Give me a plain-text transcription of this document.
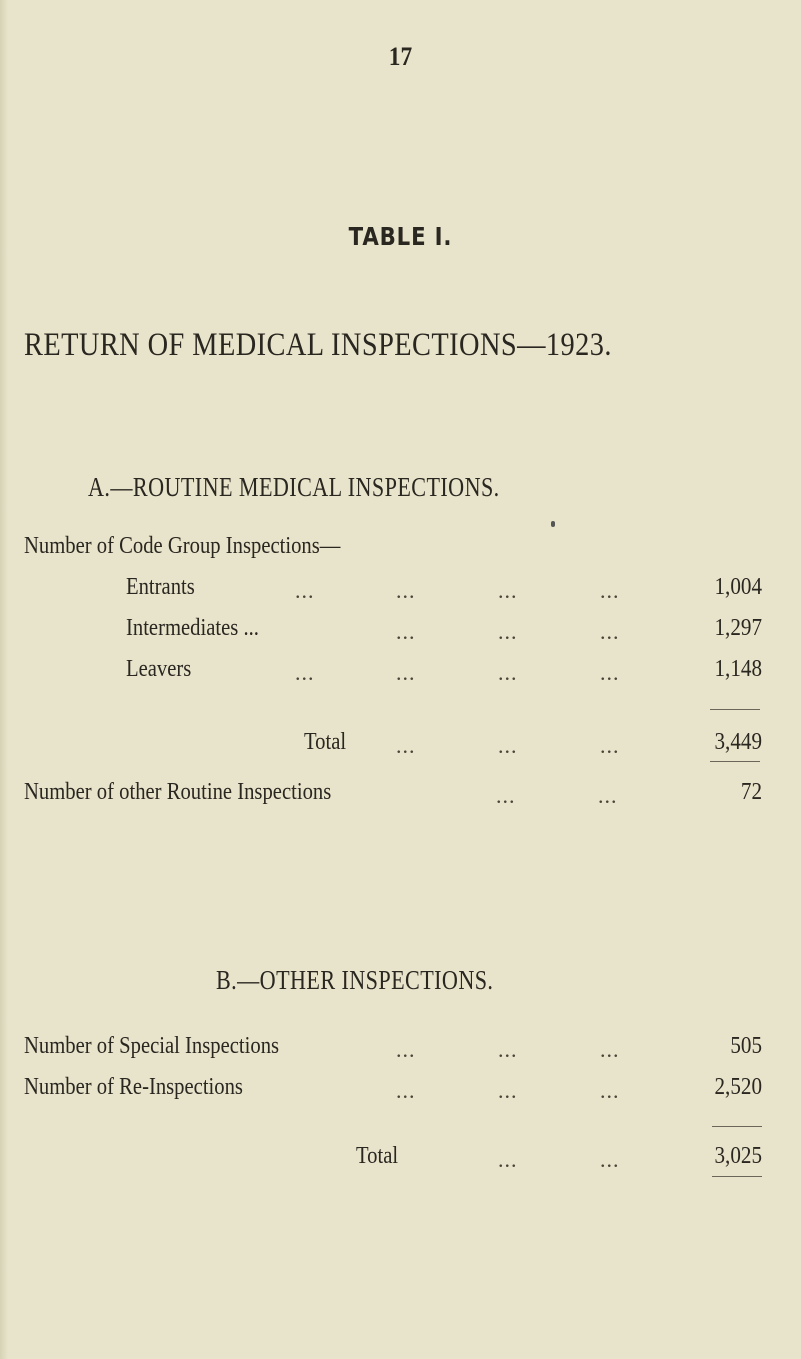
17
TABLE I.
RETURN OF MEDICAL INSPECTIONS—1923.
A.—ROUTINE MEDICAL INSPECTIONS.
Number of Code Group Inspections—
Entrants	...	...	...	...	1,004
Intermediates ...	...	...	...	1,297
Leavers	...	...	...	...	1,148
Total ...	...	...	3,449
Number of other Routine Inspections	...	...	72
B.—OTHER INSPECTIONS.
Number of Special Inspections	...	...	...	505
Number of Re-Inspections	...	...	...	2,520
Total	...	...	3,025
